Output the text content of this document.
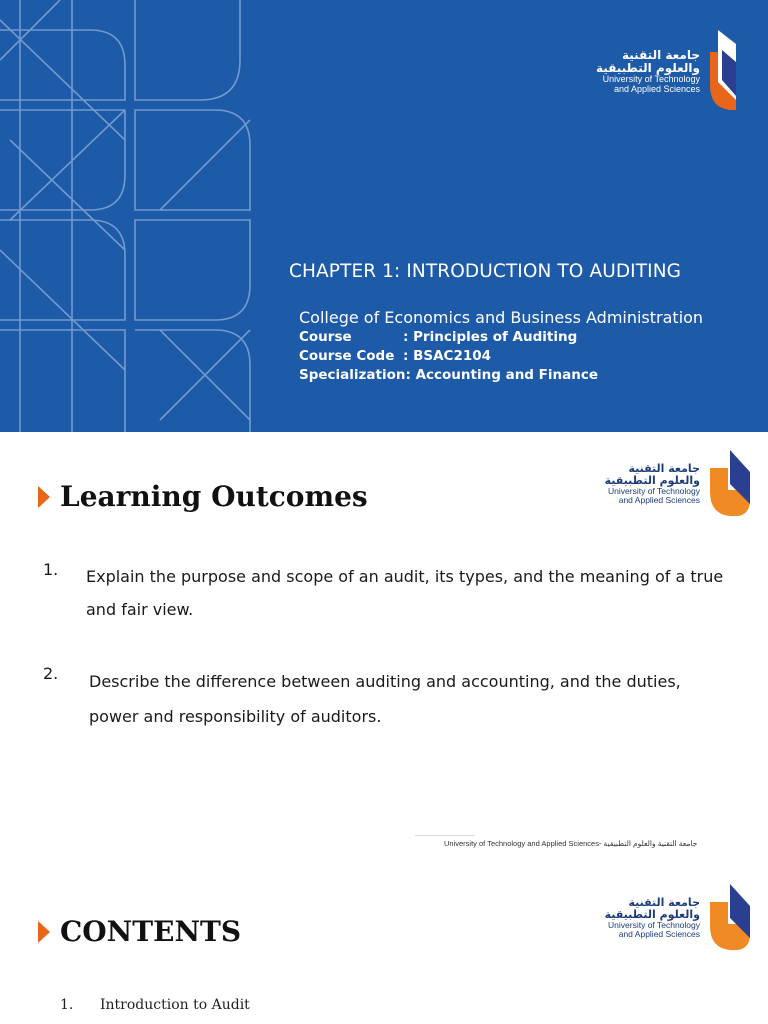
جامعة التقنية
والعلوم التطبيقية
University of Technology
and Applied Sciences
CHAPTER 1: INTRODUCTION TO AUDITING
College of Economics and Business Administration
Course	: Principles of Auditing
Course Code : BSAC2104
Specialization: Accounting and Finance
جامعة التقنية
والعلوم التطبيقية
University of Technology
and Applied Sciences
Learning Outcomes
1. Explain the purpose and scope of an audit, its types, and the meaning of a true and fair view.
2. Describe the difference between auditing and accounting, and the duties, power and responsibility of auditors.
University of Technology and Applied Sciences- جامعة التقنية والعلوم التطبيقية
جامعة التقنية
والعلوم التطبيقية
University of Technology
and Applied Sciences
CONTENTS
1. Introduction to Audit
